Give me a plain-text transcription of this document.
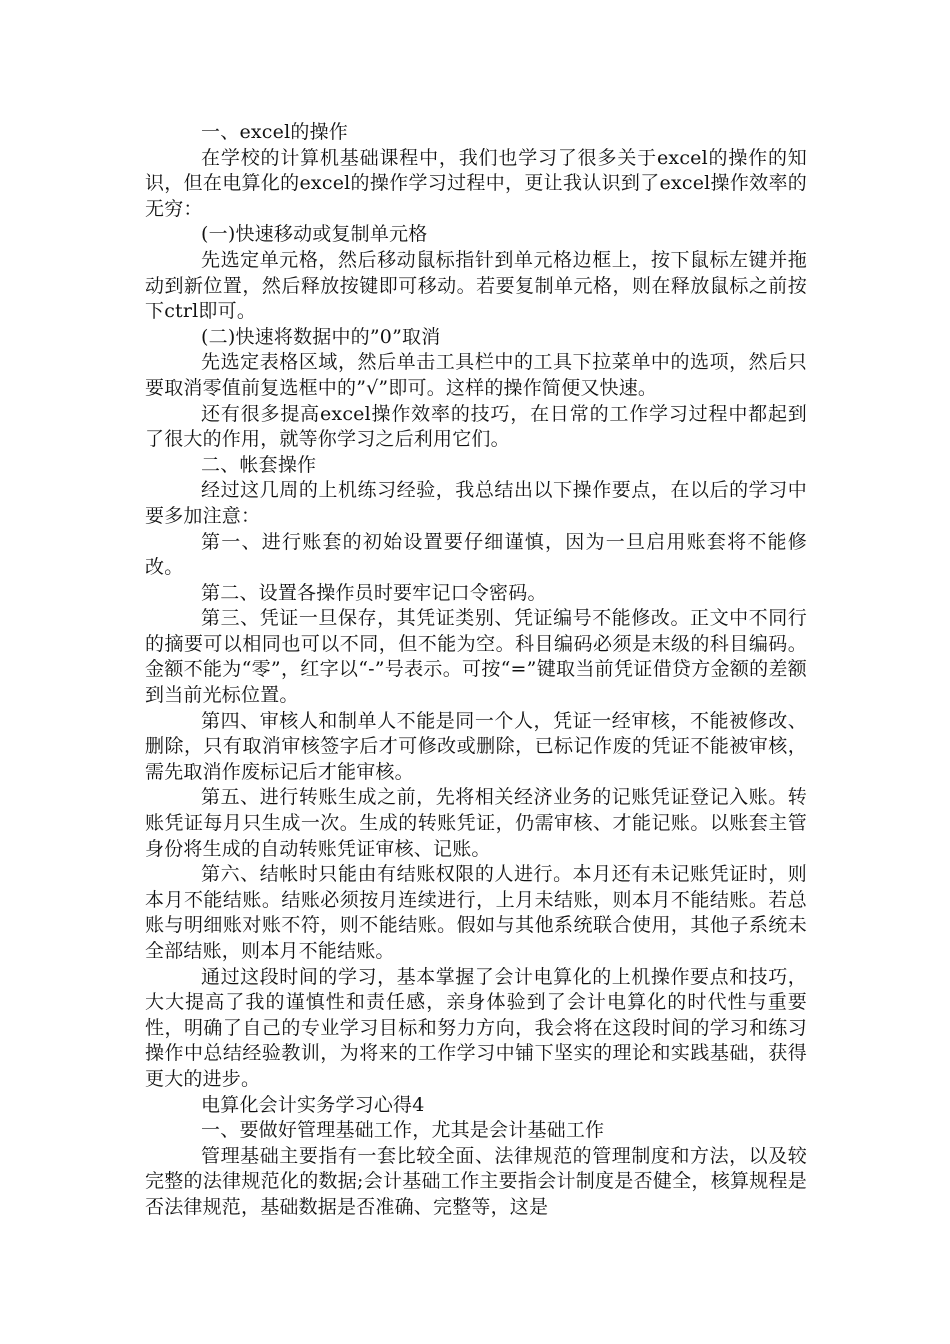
一、excel的操作

在学校的计算机基础课程中，我们也学习了很多关于excel的操作的知识，但在电算化的excel的操作学习过程中，更让我认识到了excel操作效率的无穷：

(一)快速移动或复制单元格

先选定单元格，然后移动鼠标指针到单元格边框上，按下鼠标左键并拖动到新位置，然后释放按键即可移动。若要复制单元格，则在释放鼠标之前按下ctrl即可。

(二)快速将数据中的”0”取消

先选定表格区域，然后单击工具栏中的工具下拉菜单中的选项，然后只要取消零值前复选框中的”√”即可。这样的操作简便又快速。

还有很多提高excel操作效率的技巧，在日常的工作学习过程中都起到了很大的作用，就等你学习之后利用它们。

二、帐套操作

经过这几周的上机练习经验，我总结出以下操作要点，在以后的学习中要多加注意：

第一、进行账套的初始设置要仔细谨慎，因为一旦启用账套将不能修改。

第二、设置各操作员时要牢记口令密码。

第三、凭证一旦保存，其凭证类别、凭证编号不能修改。正文中不同行的摘要可以相同也可以不同，但不能为空。科目编码必须是末级的科目编码。金额不能为“零”，红字以“-”号表示。可按“=”键取当前凭证借贷方金额的差额到当前光标位置。

第四、审核人和制单人不能是同一个人，凭证一经审核，不能被修改、删除，只有取消审核签字后才可修改或删除，已标记作废的凭证不能被审核，需先取消作废标记后才能审核。

第五、进行转账生成之前，先将相关经济业务的记账凭证登记入账。转账凭证每月只生成一次。生成的转账凭证，仍需审核、才能记账。以账套主管身份将生成的自动转账凭证审核、记账。

第六、结帐时只能由有结账权限的人进行。本月还有未记账凭证时，则本月不能结账。结账必须按月连续进行，上月未结账，则本月不能结账。若总账与明细账对账不符，则不能结账。假如与其他系统联合使用，其他子系统未全部结账，则本月不能结账。

通过这段时间的学习，基本掌握了会计电算化的上机操作要点和技巧，大大提高了我的谨慎性和责任感，亲身体验到了会计电算化的时代性与重要性，明确了自己的专业学习目标和努力方向，我会将在这段时间的学习和练习操作中总结经验教训，为将来的工作学习中铺下坚实的理论和实践基础，获得更大的进步。

电算化会计实务学习心得4

一、要做好管理基础工作，尤其是会计基础工作

管理基础主要指有一套比较全面、法律规范的管理制度和方法，以及较完整的法律规范化的数据;会计基础工作主要指会计制度是否健全，核算规程是否法律规范，基础数据是否准确、完整等，这是
